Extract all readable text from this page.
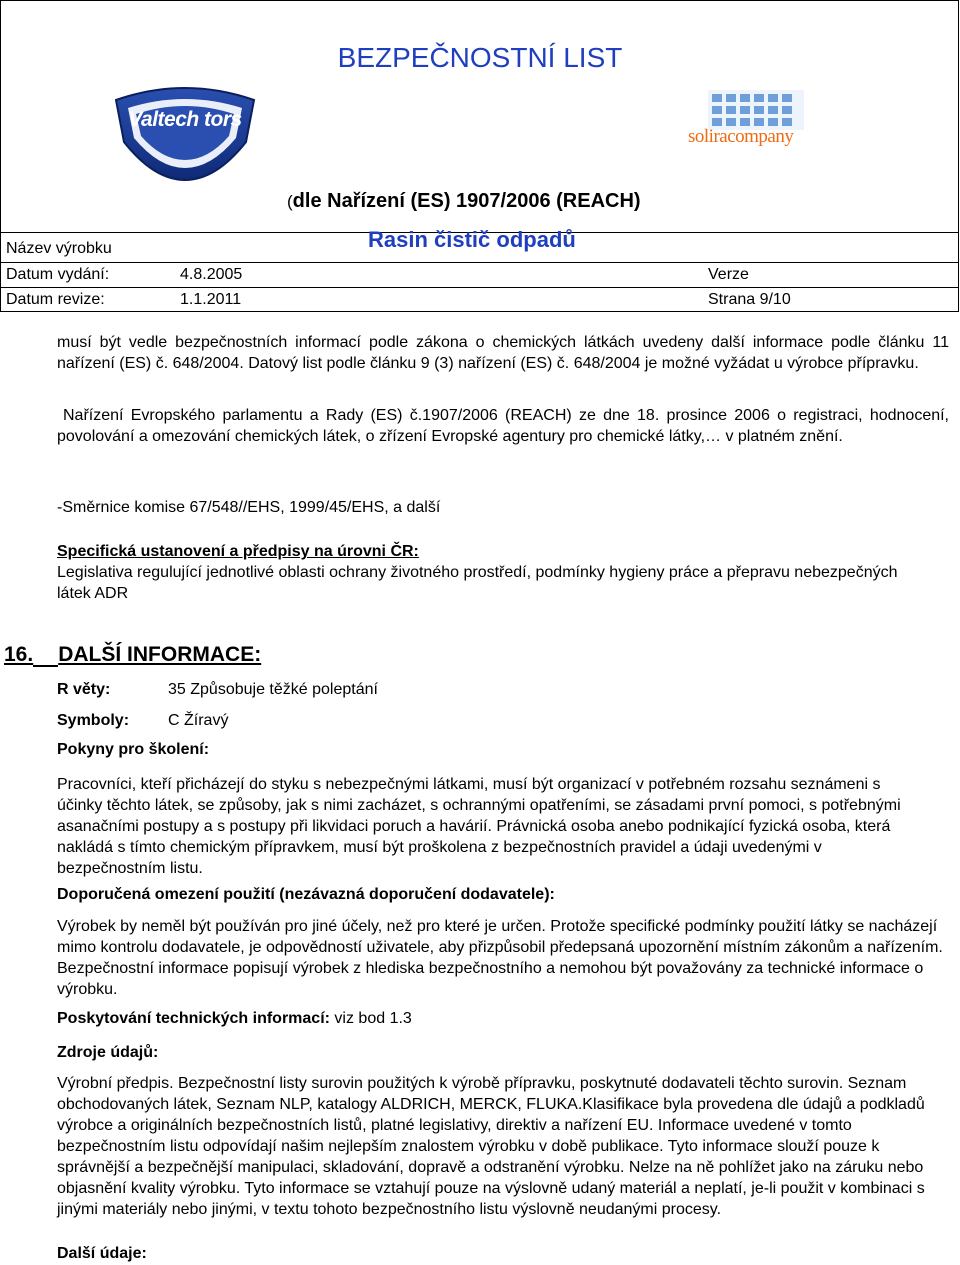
BEZPEČNOSTNÍ LIST
Valtech tors
soliracompany
(dle Nařízení (ES) 1907/2006 (REACH)
Název výrobku	Rasin čistič odpadů
Datum vydání:	4.8.2005	Verze
Datum revize:	1.1.2011	Strana 9/10
musí být vedle bezpečnostních informací podle zákona o chemických látkách uvedeny další informace podle článku 11 nařízení (ES) č. 648/2004. Datový list podle článku 9 (3) nařízení (ES) č. 648/2004 je možné vyžádat u výrobce přípravku.
Nařízení Evropského parlamentu a Rady (ES) č.1907/2006 (REACH) ze dne 18. prosince 2006 o registraci, hodnocení, povolování a omezování chemických látek, o zřízení Evropské agentury pro chemické látky,… v platném znění.
-Směrnice komise 67/548//EHS, 1999/45/EHS, a další
Specifická ustanovení a předpisy na úrovni ČR:
Legislativa regulující jednotlivé oblasti ochrany životného prostředí, podmínky hygieny práce a přepravu nebezpečných látek ADR
16. DALŠÍ INFORMACE:
R věty:	35 Způsobuje těžké poleptání
Symboly: C Žíravý
Pokyny pro školení:
Pracovníci, kteří přicházejí do styku s nebezpečnými látkami, musí být organizací v potřebném rozsahu seznámeni s účinky těchto látek, se způsoby, jak s nimi zacházet, s ochrannými opatřeními, se zásadami první pomoci, s potřebnými asanačními postupy a s postupy při likvidaci poruch a havárií. Právnická osoba anebo podnikající fyzická osoba, která nakládá s tímto chemickým přípravkem, musí být proškolena z bezpečnostních pravidel a údaji uvedenými v bezpečnostním listu.
Doporučená omezení použití (nezávazná doporučení dodavatele):
Výrobek by neměl být používán pro jiné účely, než pro které je určen. Protože specifické podmínky použití látky se nacházejí mimo kontrolu dodavatele, je odpovědností uživatele, aby přizpůsobil předepsaná upozornění místním zákonům a nařízením. Bezpečnostní informace popisují výrobek z hlediska bezpečnostního a nemohou být považovány za technické informace o výrobku.
Poskytování technických informací: viz bod 1.3
Zdroje údajů:
Výrobní předpis. Bezpečnostní listy surovin použitých k výrobě přípravku, poskytnuté dodavateli těchto surovin. Seznam obchodovaných látek, Seznam NLP, katalogy ALDRICH, MERCK, FLUKA.Klasifikace byla provedena dle údajů a podkladů výrobce a originálních bezpečnostních listů, platné legislativy, direktiv a nařízení EU. Informace uvedené v tomto bezpečnostním listu odpovídají našim nejlepším znalostem výrobku v době publikace. Tyto informace slouží pouze k správnější a bezpečnější manipulaci, skladování, dopravě a odstranění výrobku. Nelze na ně pohlížet jako na záruku nebo objasnění kvality výrobku. Tyto informace se vztahují pouze na výslovně udaný materiál a neplatí, je-li použit v kombinaci s jinými materiály nebo jinými, v textu tohoto bezpečnostního listu výslovně neudanými procesy.
Další údaje:
